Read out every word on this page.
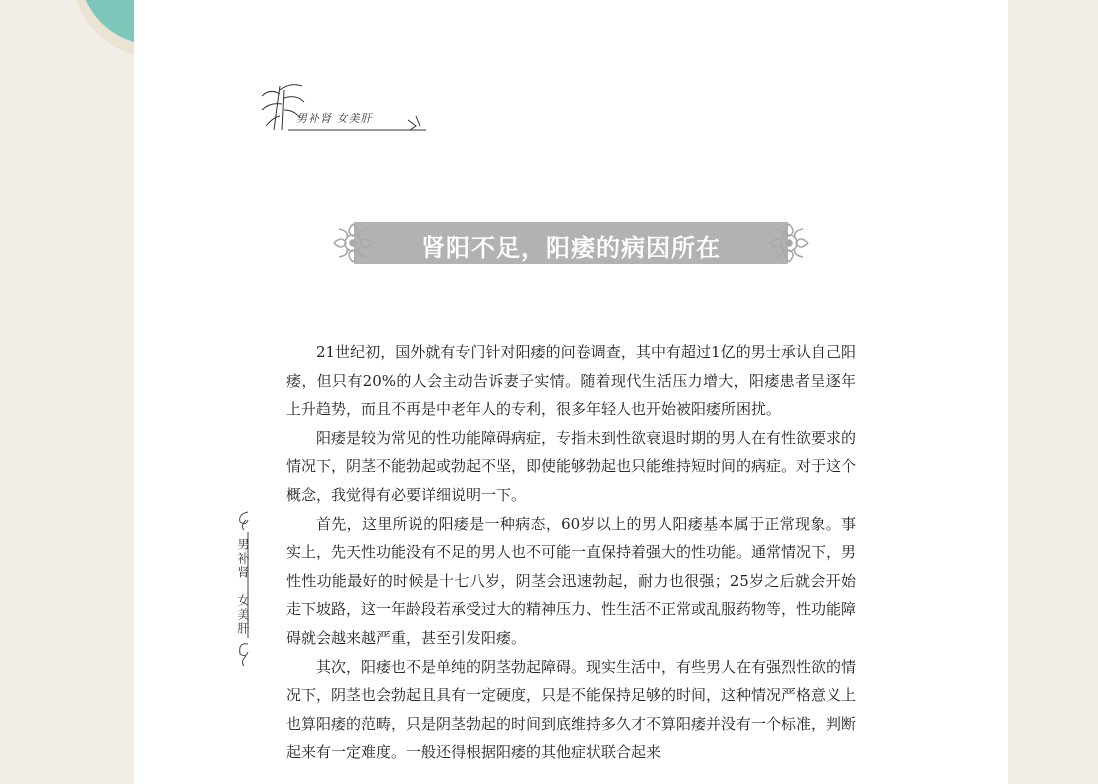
男补肾 女美肝
肾阳不足，阳痿的病因所在
男补肾　女美肝

21世纪初，国外就有专门针对阳痿的问卷调查，其中有超过1亿的男士承认自己阳痿，但只有20%的人会主动告诉妻子实情。随着现代生活压力增大，阳痿患者呈逐年上升趋势，而且不再是中老年人的专利，很多年轻人也开始被阳痿所困扰。

阳痿是较为常见的性功能障碍病症，专指未到性欲衰退时期的男人在有性欲要求的情况下，阴茎不能勃起或勃起不坚，即使能够勃起也只能维持短时间的病症。对于这个概念，我觉得有必要详细说明一下。

首先，这里所说的阳痿是一种病态，60岁以上的男人阳痿基本属于正常现象。事实上，先天性功能没有不足的男人也不可能一直保持着强大的性功能。通常情况下，男性性功能最好的时候是十七八岁，阴茎会迅速勃起，耐力也很强；25岁之后就会开始走下坡路，这一年龄段若承受过大的精神压力、性生活不正常或乱服药物等，性功能障碍就会越来越严重，甚至引发阳痿。

其次，阳痿也不是单纯的阴茎勃起障碍。现实生活中，有些男人在有强烈性欲的情况下，阴茎也会勃起且具有一定硬度，只是不能保持足够的时间，这种情况严格意义上也算阳痿的范畴，只是阴茎勃起的时间到底维持多久才不算阳痿并没有一个标准，判断起来有一定难度。一般还得根据阳痿的其他症状联合起来
